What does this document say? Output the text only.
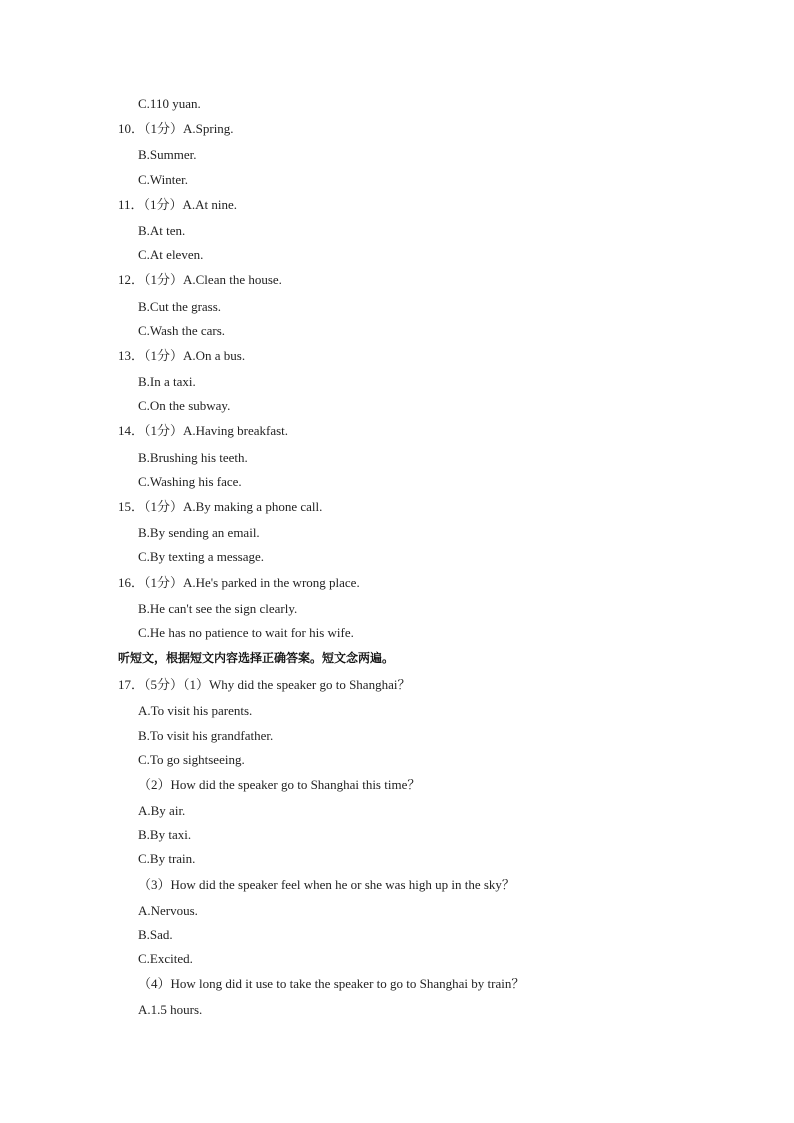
C.110 yuan.
10．（1分）A.Spring.
B.Summer.
C.Winter.
11．（1分）A.At nine.
B.At ten.
C.At eleven.
12．（1分）A.Clean the house.
B.Cut the grass.
C.Wash the cars.
13．（1分）A.On a bus.
B.In a taxi.
C.On the subway.
14．（1分）A.Having breakfast.
B.Brushing his teeth.
C.Washing his face.
15．（1分）A.By making a phone call.
B.By sending an email.
C.By texting a message.
16．（1分）A.He's parked in the wrong place.
B.He can't see the sign clearly.
C.He has no patience to wait for his wife.
听短文，根据短文内容选择正确答案。短文念两遍。
17．（5分）（1）Why did the speaker go to Shanghai？
A.To visit his parents.
B.To visit his grandfather.
C.To go sightseeing.
（2）How did the speaker go to Shanghai this time？
A.By air.
B.By taxi.
C.By train.
（3）How did the speaker feel when he or she was high up in the sky？
A.Nervous.
B.Sad.
C.Excited.
（4）How long did it use to take the speaker to go to Shanghai by train？
A.1.5 hours.
